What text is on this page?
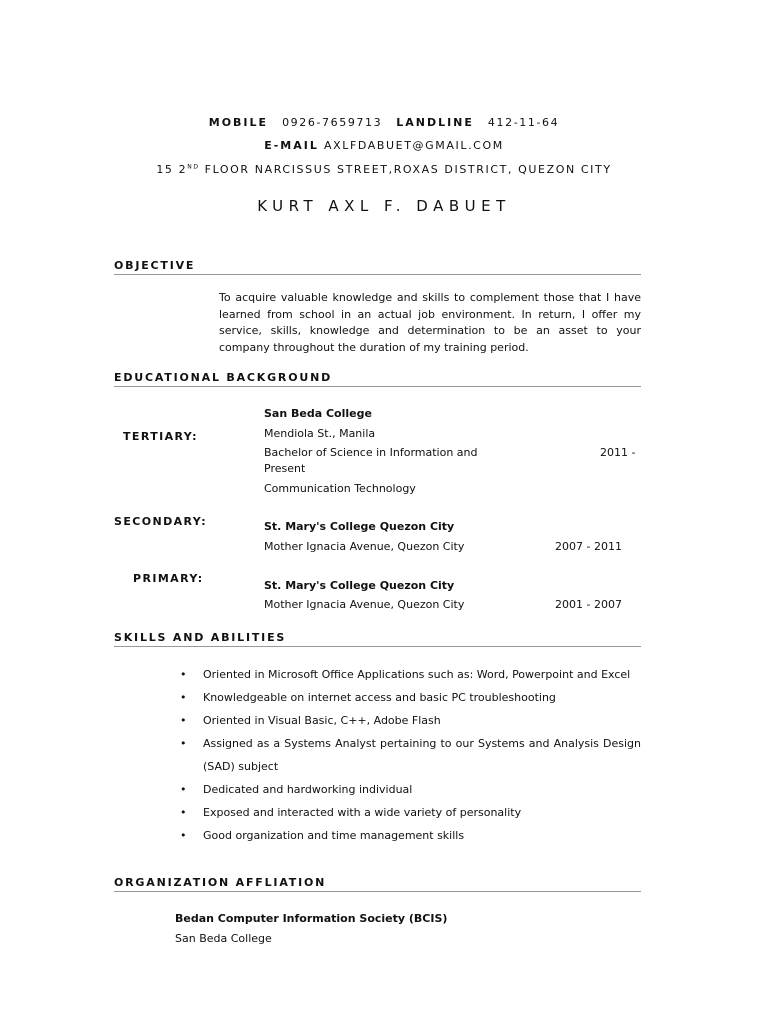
MOBILE 0926-7659713 LANDLINE 412-11-64
E-MAIL AXLFDABUET@GMAIL.COM
15 2ND FLOOR NARCISSUS STREET,ROXAS DISTRICT, QUEZON CITY
KURT AXL F. DABUET
OBJECTIVE
To acquire valuable knowledge and skills to complement those that I have learned from school in an actual job environment. In return, I offer my service, skills, knowledge and determination to be an asset to your company throughout the duration of my training period.
EDUCATIONAL BACKGROUND
TERTIARY:
San Beda College
Mendiola St., Manila
Bachelor of Science in Information and	2011 -
Present
Communication Technology
SECONDARY:	St. Mary's College Quezon City
Mother Ignacia Avenue, Quezon City	2007 - 2011
PRIMARY:
St. Mary's College Quezon City
Mother Ignacia Avenue, Quezon City	2001 - 2007
SKILLS AND ABILITIES
• Oriented in Microsoft Office Applications such as: Word, Powerpoint and Excel
• Knowledgeable on internet access and basic PC troubleshooting
• Oriented in Visual Basic, C++, Adobe Flash
• Assigned as a Systems Analyst pertaining to our Systems and Analysis Design (SAD) subject
• Dedicated and hardworking individual
• Exposed and interacted with a wide variety of personality
• Good organization and time management skills
ORGANIZATION AFFLIATION
Bedan Computer Information Society (BCIS)
San Beda College
